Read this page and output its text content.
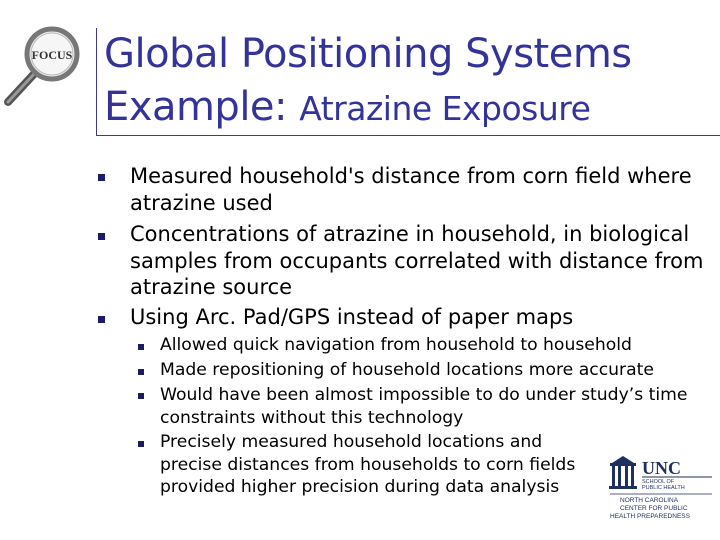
FOCUS Global Positioning Systems
Example: Atrazine Exposure
Measured household's distance from corn field where atrazine used
Concentrations of atrazine in household, in biological samples from occupants correlated with distance from atrazine source
Using Arc. Pad/GPS instead of paper maps
Allowed quick navigation from household to household
Made repositioning of household locations more accurate
Would have been almost impossible to do under study’s time constraints without this technology
Precisely measured household locations and precise distances from households to corn fields provided higher precision during data analysis
UNC
SCHOOL OF
PUBLIC HEALTH
NORTH CAROLINA
CENTER FOR PUBLIC
HEALTH PREPAREDNESS
